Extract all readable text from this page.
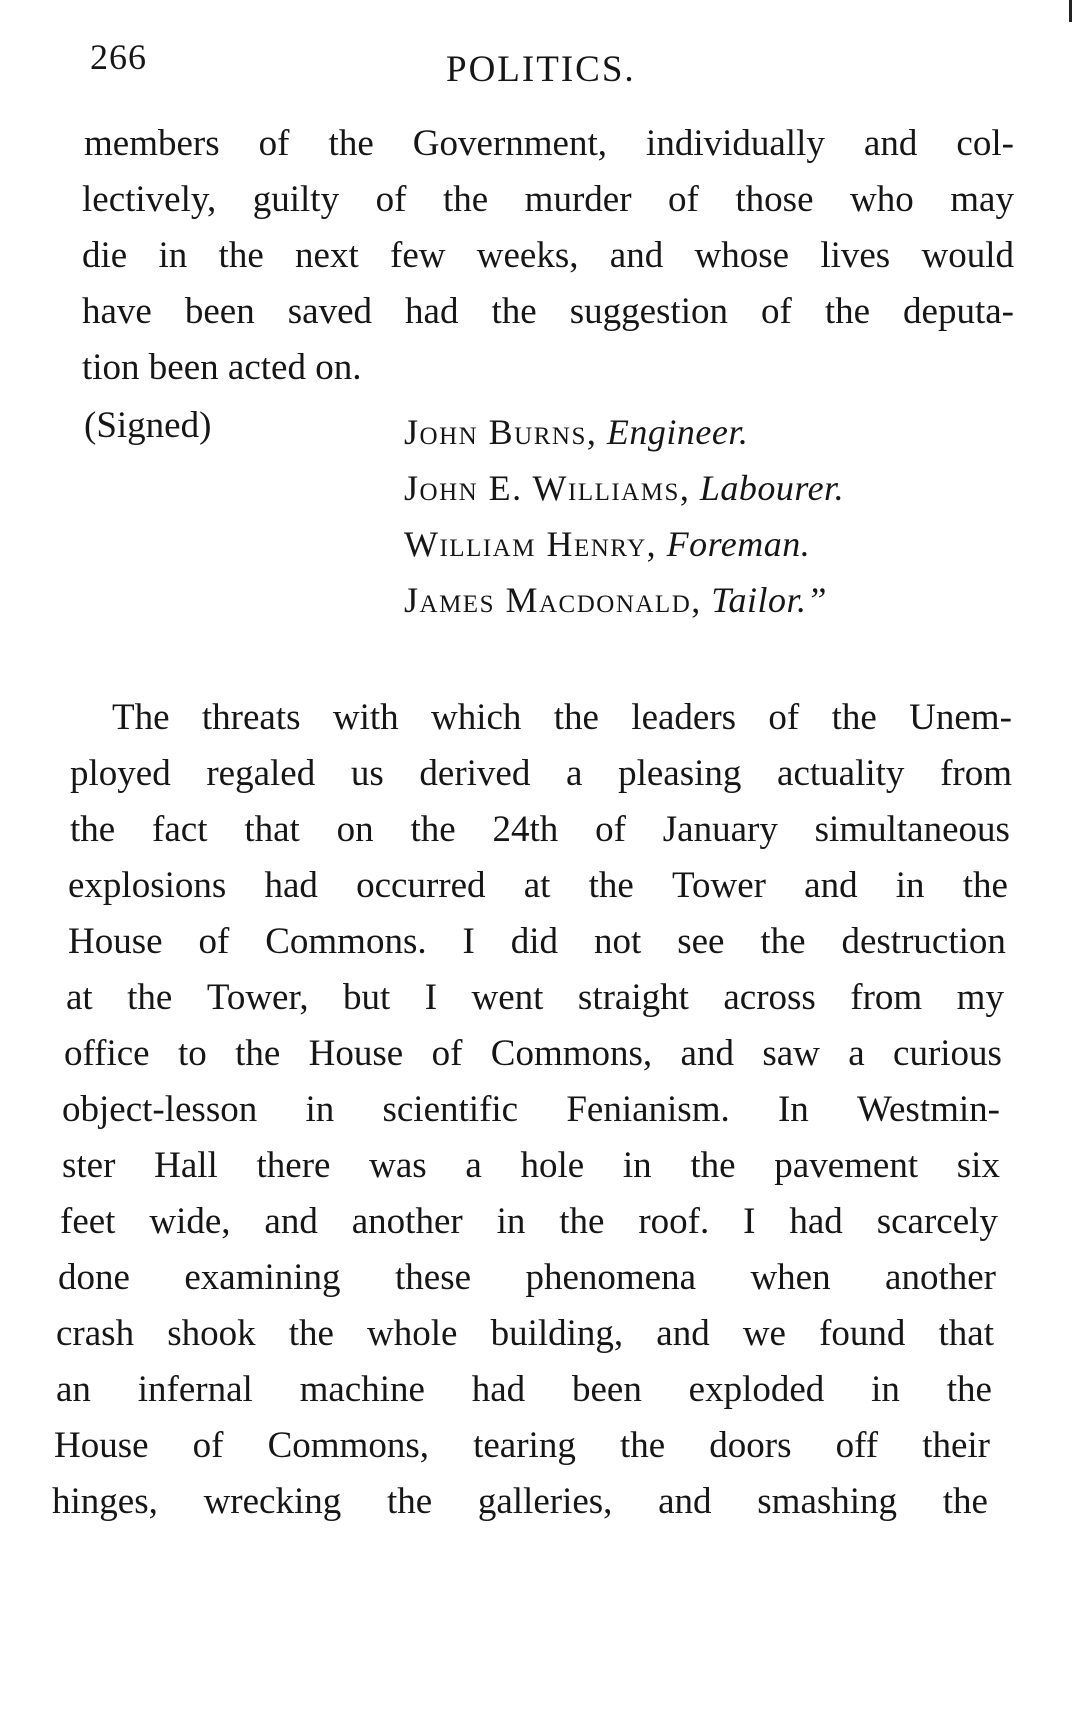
266	POLITICS.
members of the Government, individually and col-
lectively, guilty of the murder of those who may
die in the next few weeks, and whose lives would
have been saved had the suggestion of the deputa-
tion been acted on.
(Signed)	John Burns, Engineer.
John E. Williams, Labourer.
William Henry, Foreman.
James Macdonald, Tailor.”
The threats with which the leaders of the Unem-
ployed regaled us derived a pleasing actuality from
the fact that on the 24th of January simultaneous
explosions had occurred at the Tower and in the
House of Commons. I did not see the destruction
at the Tower, but I went straight across from my
office to the House of Commons, and saw a curious
object-lesson in scientific Fenianism. In Westmin-
ster Hall there was a hole in the pavement six
feet wide, and another in the roof. I had scarcely
done examining these phenomena when another
crash shook the whole building, and we found that
an infernal machine had been exploded in the
House of Commons, tearing the doors off their
hinges, wrecking the galleries, and smashing the
